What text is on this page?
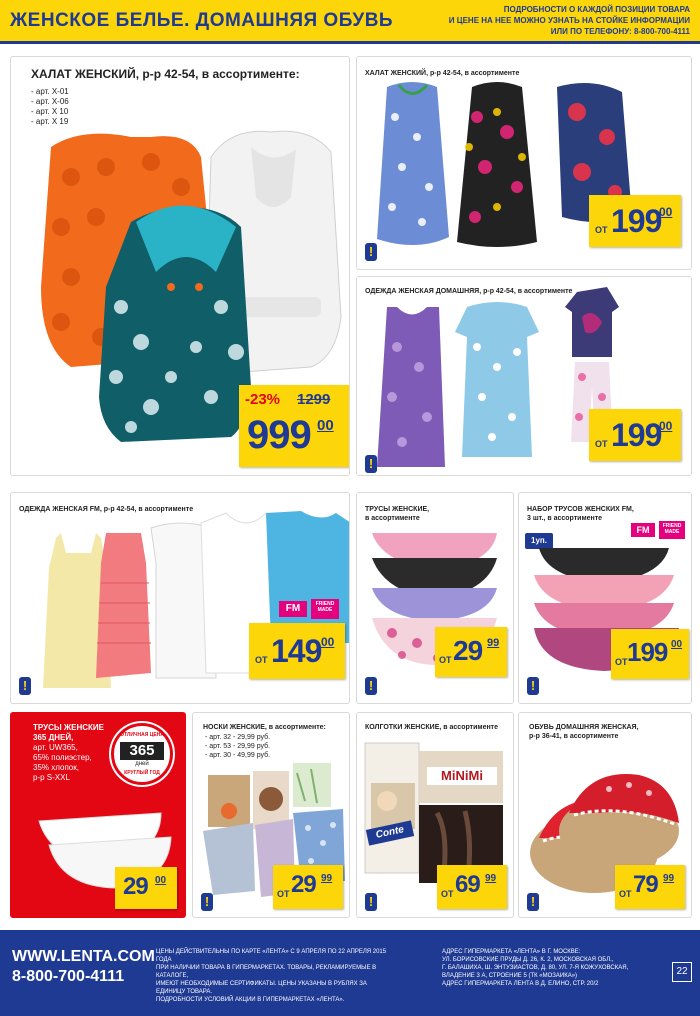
ЖЕНСКОЕ БЕЛЬЕ. ДОМАШНЯЯ ОБУВЬ
ПОДРОБНОСТИ О КАЖДОЙ ПОЗИЦИИ ТОВАРА
И ЦЕНЕ НА НЕЕ МОЖНО УЗНАТЬ НА СТОЙКЕ ИНФОРМАЦИИ
ИЛИ ПО ТЕЛЕФОНУ: 8-800-700-4111
ХАЛАТ ЖЕНСКИЙ, р-р 42-54, в ассортименте:
- арт. X-01
- арт. X-06
- арт. X 10
- арт. X 19
-23% 1299
999 00
ХАЛАТ ЖЕНСКИЙ, р-р 42-54, в ассортименте
ОТ 199
00
!
ОДЕЖДА ЖЕНСКАЯ ДОМАШНЯЯ, р-р 42-54, в ассортименте
ОТ 199
00
!
ОДЕЖДА ЖЕНСКАЯ FM, р-р 42-54, в ассортименте
FM	FRIEND MADE
ОТ 149 00
!
ТРУСЫ ЖЕНСКИЕ,
в ассортименте
ОТ 29 99
!
НАБОР ТРУСОВ ЖЕНСКИХ FM,
3 шт., в ассортименте
1уп.
FM	FRIEND MADE
ОТ 199 00
!
ТРУСЫ ЖЕНСКИЕ
365 ДНЕЙ,
арт. UW365,
65% полиэстер,
35% хлопок,
р-р S-XXL
ОТЛИЧНАЯ ЦЕНА
365
дней
КРУГЛЫЙ ГОД
29 00
НОСКИ ЖЕНСКИЕ, в ассортименте:
- арт. 32 - 29,99 руб.
- арт. 53 - 29,99 руб.
- арт. 30 - 49,99 руб.
ОТ 29 99
!
КОЛГОТКИ ЖЕНСКИЕ, в ассортименте
Conte
MiNiMi
ОТ 69 99
!
ОБУВЬ ДОМАШНЯЯ ЖЕНСКАЯ,
р-р 36-41, в ассортименте
ОТ 79 99
!
WWW.LENTA.COM
8-800-700-4111
ЦЕНЫ ДЕЙСТВИТЕЛЬНЫ ПО КАРТЕ «ЛЕНТА» С 9 АПРЕЛЯ ПО 22 АПРЕЛЯ 2015 ГОДА
ПРИ НАЛИЧИИ ТОВАРА В ГИПЕРМАРКЕТАХ. ТОВАРЫ, РЕКЛАМИРУЕМЫЕ В КАТАЛОГЕ,
ИМЕЮТ НЕОБХОДИМЫЕ СЕРТИФИКАТЫ. ЦЕНЫ УКАЗАНЫ В РУБЛЯХ ЗА ЕДИНИЦУ ТОВАРА.
ПОДРОБНОСТИ УСЛОВИЙ АКЦИИ В ГИПЕРМАРКЕТАХ «ЛЕНТА».
АДРЕС ГИПЕРМАРКЕТА «ЛЕНТА» В Г. МОСКВЕ:
УЛ. БОРИСОВСКИЕ ПРУДЫ Д. 26, К. 2, МОСКОВСКАЯ ОБЛ.,
Г. БАЛАШИХА, Ш. ЭНТУЗИАСТОВ, Д. 80, УЛ. 7-Я КОЖУХОВСКАЯ,
ВЛАДЕНИЕ 3 А, СТРОЕНИЕ 5 (ТК «МОЗАИКА»)
АДРЕС ГИПЕРМАРКЕТА ЛЕНТА В Д. ЕЛИНО, СТР. 20/2
22
